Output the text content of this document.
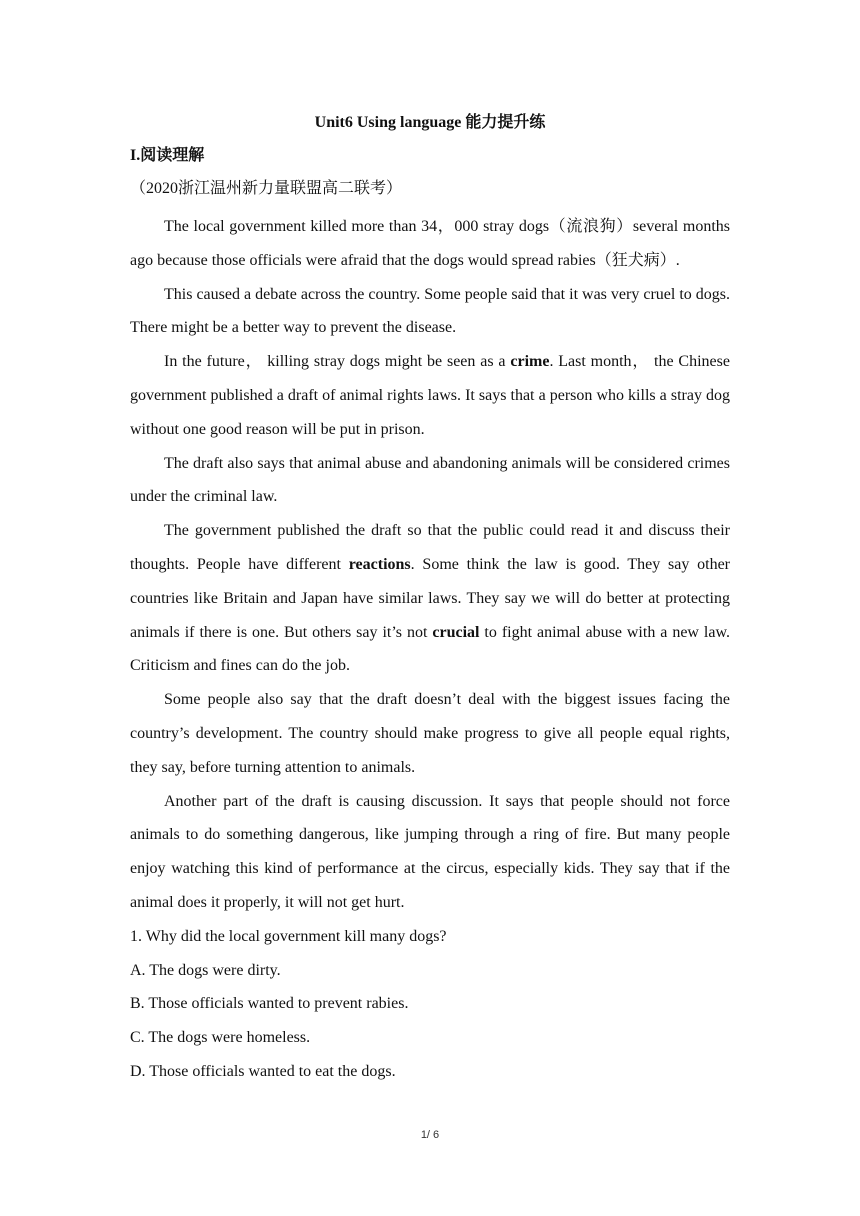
Unit6 Using language 能力提升练
I.阅读理解
（2020浙江温州新力量联盟高二联考）

The local government killed more than 34，000 stray dogs（流浪狗）several months ago because those officials were afraid that the dogs would spread rabies（狂犬病）.

This caused a debate across the country. Some people said that it was very cruel to dogs. There might be a better way to prevent the disease.

In the future， killing stray dogs might be seen as a crime. Last month， the Chinese government published a draft of animal rights laws. It says that a person who kills a stray dog without one good reason will be put in prison.

The draft also says that animal abuse and abandoning animals will be considered crimes under the criminal law.

The government published the draft so that the public could read it and discuss their thoughts. People have different reactions. Some think the law is good. They say other countries like Britain and Japan have similar laws. They say we will do better at protecting animals if there is one. But others say it’s not crucial to fight animal abuse with a new law. Criticism and fines can do the job.

Some people also say that the draft doesn’t deal with the biggest issues facing the country’s development. The country should make progress to give all people equal rights, they say, before turning attention to animals.

Another part of the draft is causing discussion. It says that people should not force animals to do something dangerous, like jumping through a ring of fire. But many people enjoy watching this kind of performance at the circus, especially kids. They say that if the animal does it properly, it will not get hurt.

1. Why did the local government kill many dogs?

A. The dogs were dirty.

B. Those officials wanted to prevent rabies.

C. The dogs were homeless.

D. Those officials wanted to eat the dogs.

1/ 6
